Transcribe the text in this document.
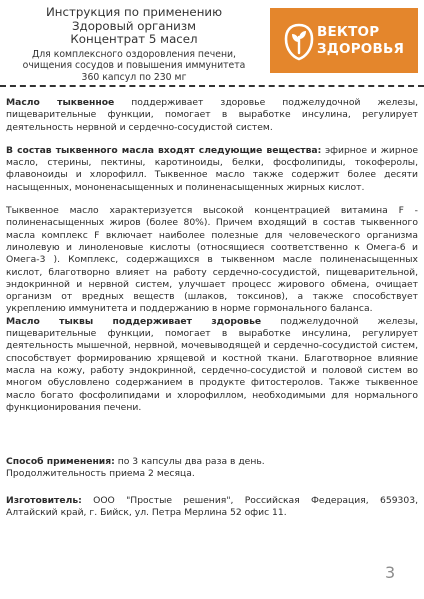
Инструкция по применению
Здоровый организм
Концентрат 5 масел
Для комплексного оздоровления печени,
очищения сосудов и повышения иммунитета
360 капсул по 230 мг
ВЕКТОР
ЗДОРОВЬЯ

Масло тыквенное поддерживает здоровье поджелудочной железы, пищеварительные функции, помогает в выработке инсулина, регулирует деятельность нервной и сердечно-сосудистой систем.

В состав тыквенного масла входят следующие вещества: эфирное и жирное масло, стерины, пектины, каротиноиды, белки, фосфолипиды, токоферолы, флавоноиды и хлорофилл. Тыквенное масло также содержит более десяти насыщенных, мононенасыщенных и полиненасыщенных жирных кислот.

Тыквенное масло характеризуется высокой концентрацией витамина F - полиненасыщенных жиров (более 80%). Причем входящий в состав тыквенного масла комплекс F включает наиболее полезные для человеческого организма линолевую и линоленовые кислоты (относящиеся соответственно к Омега-6 и Омега-3 ). Комплекс, содержащихся в тыквенном масле полиненасыщенных кислот, благотворно влияет на работу сердечно-сосудистой, пищеварительной, эндокринной и нервной систем, улучшает процесс жирового обмена, очищает организм от вредных веществ (шлаков, токсинов), а также способствует укреплению иммунитета и поддержанию в норме гормонального баланса.

Масло тыквы поддерживает здоровье поджелудочной железы, пищеварительные функции, помогает в выработке инсулина, регулирует деятельность мышечной, нервной, мочевыводящей и сердечно-сосудистой систем, способствует формированию хрящевой и костной ткани. Благотворное влияние масла на кожу, работу эндокринной, сердечно-сосудистой и половой систем во многом обусловлено содержанием в продукте фитостеролов. Также тыквенное масло богато фосфолипидами и хлорофиллом, необходимыми для нормального функционирования печени.

Способ применения: по 3 капсулы два раза в день.

Продолжительность приема 2 месяца.

Изготовитель: ООО "Простые решения", Российская Федерация, 659303, Алтайский край, г. Бийск, ул. Петра Мерлина 52 офис 11.

3
